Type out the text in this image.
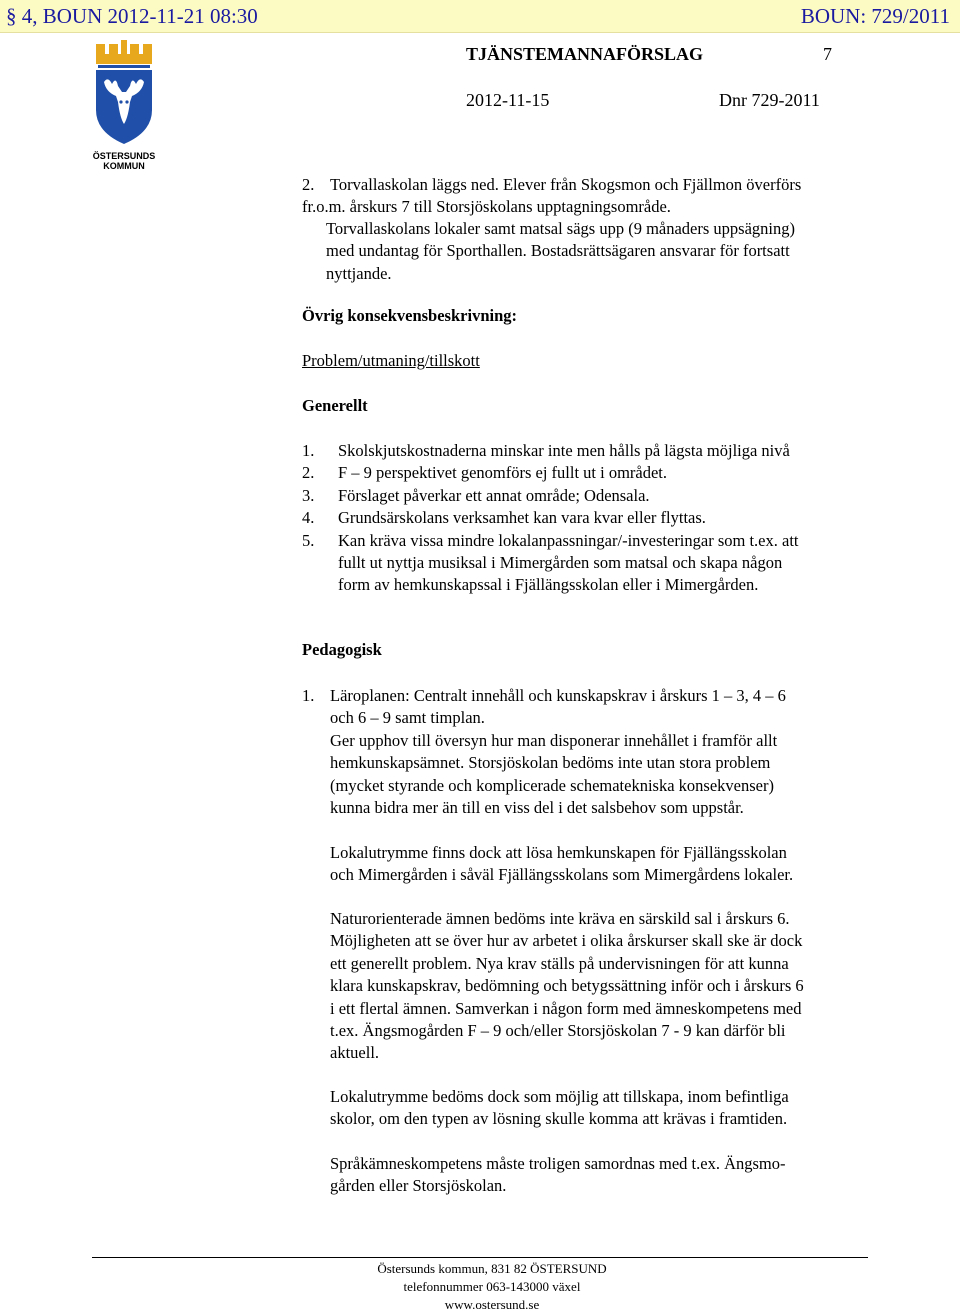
§ 4, BOUN 2012-11-21 08:30	BOUN: 729/2011
ÖSTERSUNDS
KOMMUN
TJÄNSTEMANNAFÖRSLAG	7
2012-11-15	Dnr 729-2011
2. Torvallaskolan läggs ned. Elever från Skogsmon och Fjällmon överförs
fr.o.m. årskurs 7 till Storsjöskolans upptagningsområde.
Torvallaskolans lokaler samt matsal sägs upp (9 månaders uppsägning)
med undantag för Sporthallen. Bostadsrättsägaren ansvarar för fortsatt
nyttjande.
Övrig konsekvensbeskrivning:
Problem/utmaning/tillskott
Generellt
1.	Skolskjutskostnaderna minskar inte men hålls på lägsta möjliga nivå
2.	F – 9 perspektivet genomförs ej fullt ut i området.
3.	Förslaget påverkar ett annat område; Odensala.
4.	Grundsärskolans verksamhet kan vara kvar eller flyttas.
5.	Kan kräva vissa mindre lokalanpassningar/-investeringar som t.ex. att
fullt ut nyttja musiksal i Mimergården som matsal och skapa någon
form av hemkunskapssal i Fjällängsskolan eller i Mimergården.
Pedagogisk
1. Läroplanen: Centralt innehåll och kunskapskrav i årskurs 1 – 3, 4 – 6
och 6 – 9 samt timplan.
Ger upphov till översyn hur man disponerar innehållet i framför allt
hemkunskapsämnet. Storsjöskolan bedöms inte utan stora problem
(mycket styrande och komplicerade schematekniska konsekvenser)
kunna bidra mer än till en viss del i det salsbehov som uppstår.
Lokalutrymme finns dock att lösa hemkunskapen för Fjällängsskolan
och Mimergården i såväl Fjällängsskolans som Mimergårdens lokaler.
Naturorienterade ämnen bedöms inte kräva en särskild sal i årskurs 6.
Möjligheten att se över hur av arbetet i olika årskurser skall ske är dock
ett generellt problem. Nya krav ställs på undervisningen för att kunna
klara kunskapskrav, bedömning och betygssättning inför och i årskurs 6
i ett flertal ämnen. Samverkan i någon form med ämneskompetens med
t.ex. Ängsmogården F – 9 och/eller Storsjöskolan 7 - 9 kan därför bli
aktuell.
Lokalutrymme bedöms dock som möjlig att tillskapa, inom befintliga
skolor, om den typen av lösning skulle komma att krävas i framtiden.
Språkämneskompetens måste troligen samordnas med t.ex. Ängsmo-
gården eller Storsjöskolan.
Östersunds kommun, 831 82 ÖSTERSUND
telefonnummer 063-143000 växel
www.ostersund.se
